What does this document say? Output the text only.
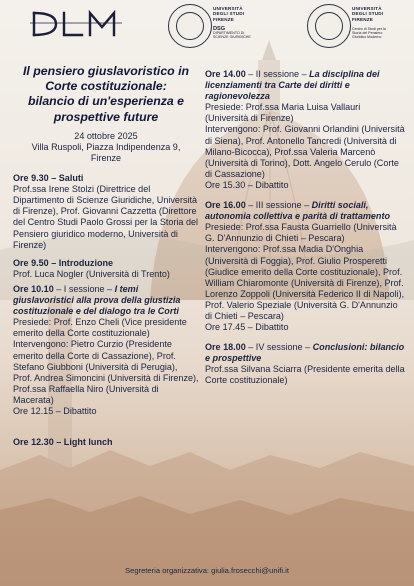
UNIVERSITÀ
DEGLI STUDI
FIRENZE
DSG
DIPARTIMENTO DI SCIENZE GIURIDICHE
UNIVERSITÀ
DEGLI STUDI
FIRENZE
Centro di Studi per la Storia del Pensiero Giuridico Moderno
Il pensiero giuslavoristico in
Corte costituzionale:
bilancio di un'esperienza e
prospettive future
24 ottobre 2025
Villa Ruspoli, Piazza Indipendenza 9,
Firenze
Ore 9.30 – Saluti
Prof.ssa Irene Stolzi (Direttrice del Dipartimento di Scienze Giuridiche, Università di Firenze), Prof. Giovanni Cazzetta (Direttore del Centro Studi Paolo Grossi per la Storia del Pensiero giuridico moderno, Università di Firenze)
Ore 9.50 – Introduzione
Prof. Luca Nogler (Università di Trento)
Ore 10.10 – I sessione – I temi giuslavoristici alla prova della giustizia costituzionale e del dialogo tra le Corti
Presiede: Prof. Enzo Cheli (Vice presidente emerito della Corte costituzionale)
Intervengono: Pietro Curzio (Presidente emerito della Corte di Cassazione), Prof. Stefano Giubboni (Università di Perugia), Prof. Andrea Simoncini (Università di Firenze), Prof.ssa Raffaella Niro (Università di Macerata)
Ore 12.15 – Dibattito
Ore 12.30 – Light lunch
Ore 14.00 – II sessione – La disciplina dei licenziamenti tra Carte dei diritti e ragionevolezza
Presiede: Prof.ssa Maria Luisa Vallauri (Università di Firenze)
Intervengono: Prof. Giovanni Orlandini (Università di Siena), Prof. Antonello Tancredi (Università di Milano-Bicocca), Prof.ssa Valeria Marcenò (Università di Torino), Dott. Angelo Cerulo (Corte di Cassazione)
Ore 15.30 – Dibattito
Ore 16.00 – III sessione – Diritti sociali, autonomia collettiva e parità di trattamento
Presiede: Prof.ssa Fausta Guarriello (Università G. D'Annunzio di Chieti – Pescara)
Intervengono: Prof.ssa Madia D'Onghia (Università di Foggia), Prof. Giulio Prosperetti (Giudice emerito della Corte costituzionale), Prof. William Chiaromonte (Università di Firenze), Prof. Lorenzo Zoppoli (Università Federico II di Napoli), Prof. Valerio Speziale (Università G. D'Annunzio di Chieti – Pescara)
Ore 17.45 – Dibattito
Ore 18.00 – IV sessione – Conclusioni: bilancio e prospettive
Prof.ssa Silvana Sciarra (Presidente emerita della Corte costituzionale)
Segreteria organizzativa: giulia.frosecchi@unifi.it
